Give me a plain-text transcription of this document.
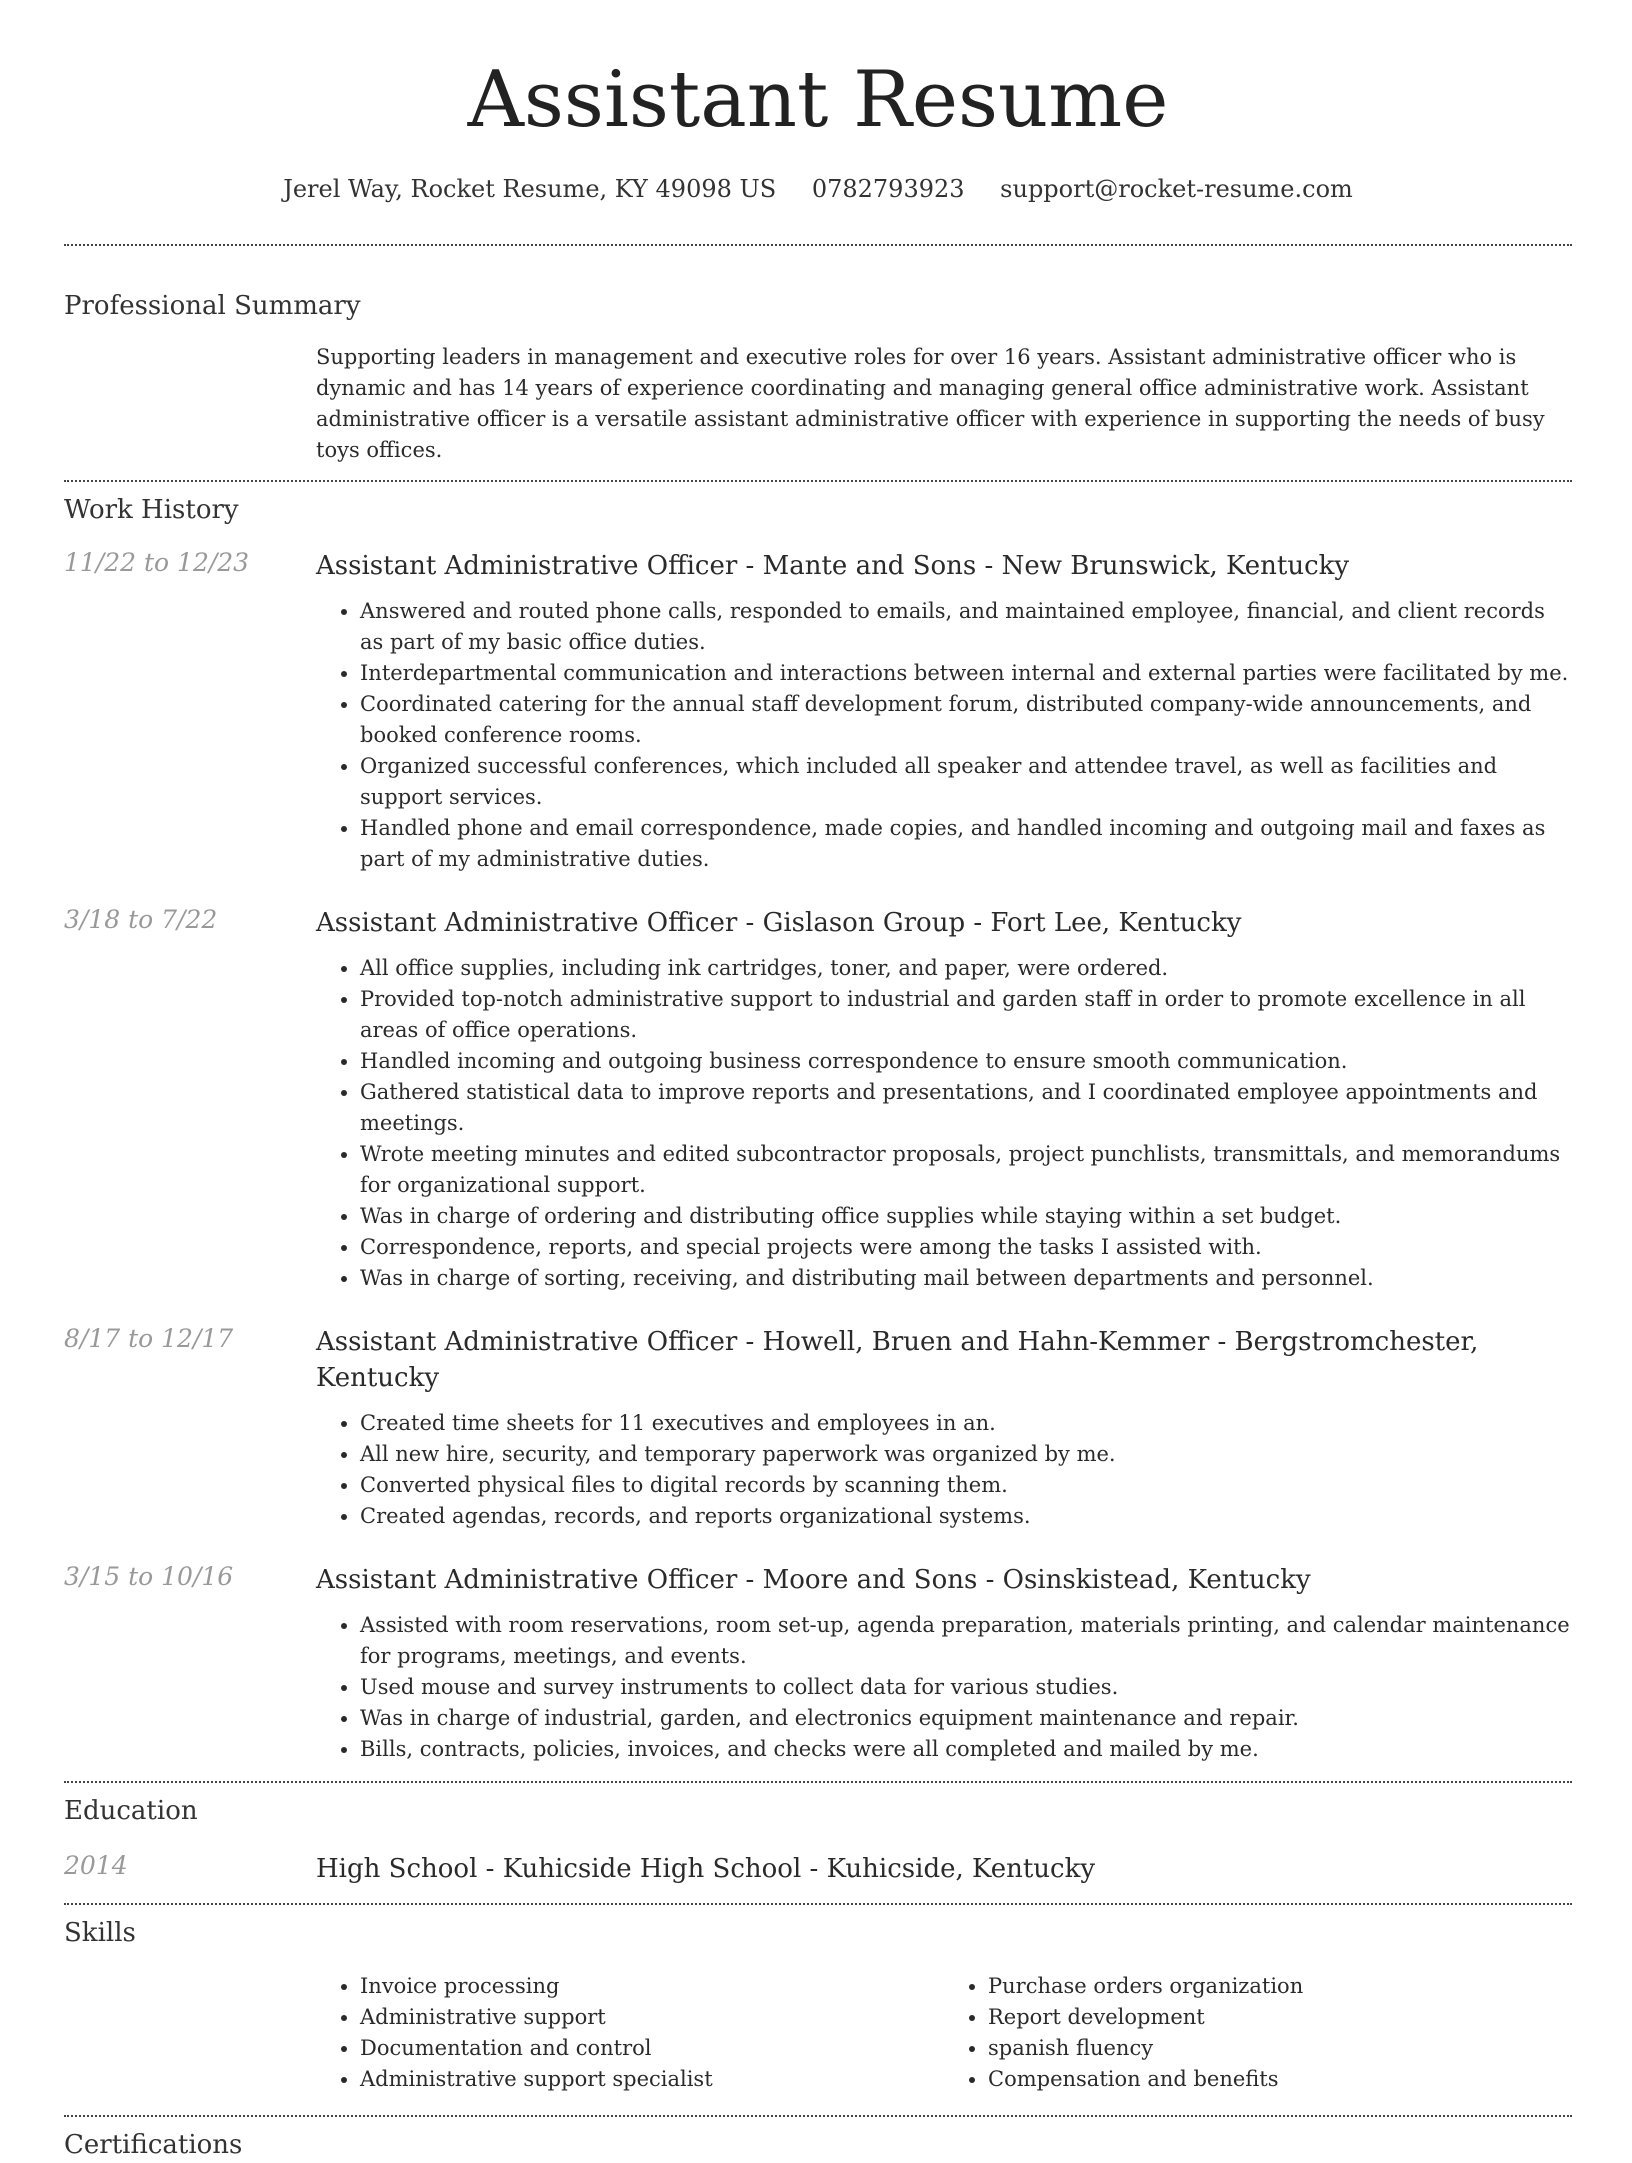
Assistant Resume
Jerel Way, Rocket Resume, KY 49098 US 0782793923 support@rocket-resume.com
Professional Summary
Supporting leaders in management and executive roles for over 16 years. Assistant administrative officer who is dynamic and has 14 years of experience coordinating and managing general office administrative work. Assistant administrative officer is a versatile assistant administrative officer with experience in supporting the needs of busy toys offices.
Work History
11/22 to 12/23	Assistant Administrative Officer - Mante and Sons - New Brunswick, Kentucky
• Answered and routed phone calls, responded to emails, and maintained employee, financial, and client records as part of my basic office duties.
• Interdepartmental communication and interactions between internal and external parties were facilitated by me.
• Coordinated catering for the annual staff development forum, distributed company-wide announcements, and booked conference rooms.
• Organized successful conferences, which included all speaker and attendee travel, as well as facilities and support services.
• Handled phone and email correspondence, made copies, and handled incoming and outgoing mail and faxes as part of my administrative duties.
3/18 to 7/22	Assistant Administrative Officer - Gislason Group - Fort Lee, Kentucky
• All office supplies, including ink cartridges, toner, and paper, were ordered.
• Provided top-notch administrative support to industrial and garden staff in order to promote excellence in all areas of office operations.
• Handled incoming and outgoing business correspondence to ensure smooth communication.
• Gathered statistical data to improve reports and presentations, and I coordinated employee appointments and meetings.
• Wrote meeting minutes and edited subcontractor proposals, project punchlists, transmittals, and memorandums for organizational support.
• Was in charge of ordering and distributing office supplies while staying within a set budget.
• Correspondence, reports, and special projects were among the tasks I assisted with.
• Was in charge of sorting, receiving, and distributing mail between departments and personnel.
8/17 to 12/17	Assistant Administrative Officer - Howell, Bruen and Hahn-Kemmer - Bergstromchester, Kentucky
• Created time sheets for 11 executives and employees in an.
• All new hire, security, and temporary paperwork was organized by me.
• Converted physical files to digital records by scanning them.
• Created agendas, records, and reports organizational systems.
3/15 to 10/16	Assistant Administrative Officer - Moore and Sons - Osinskistead, Kentucky
• Assisted with room reservations, room set-up, agenda preparation, materials printing, and calendar maintenance for programs, meetings, and events.
• Used mouse and survey instruments to collect data for various studies.
• Was in charge of industrial, garden, and electronics equipment maintenance and repair.
• Bills, contracts, policies, invoices, and checks were all completed and mailed by me.
Education
2014	High School - Kuhicside High School - Kuhicside, Kentucky
Skills
• Invoice processing
• Administrative support
• Documentation and control
• Administrative support specialist
• Purchase orders organization
• Report development
• spanish fluency
• Compensation and benefits
Certifications
